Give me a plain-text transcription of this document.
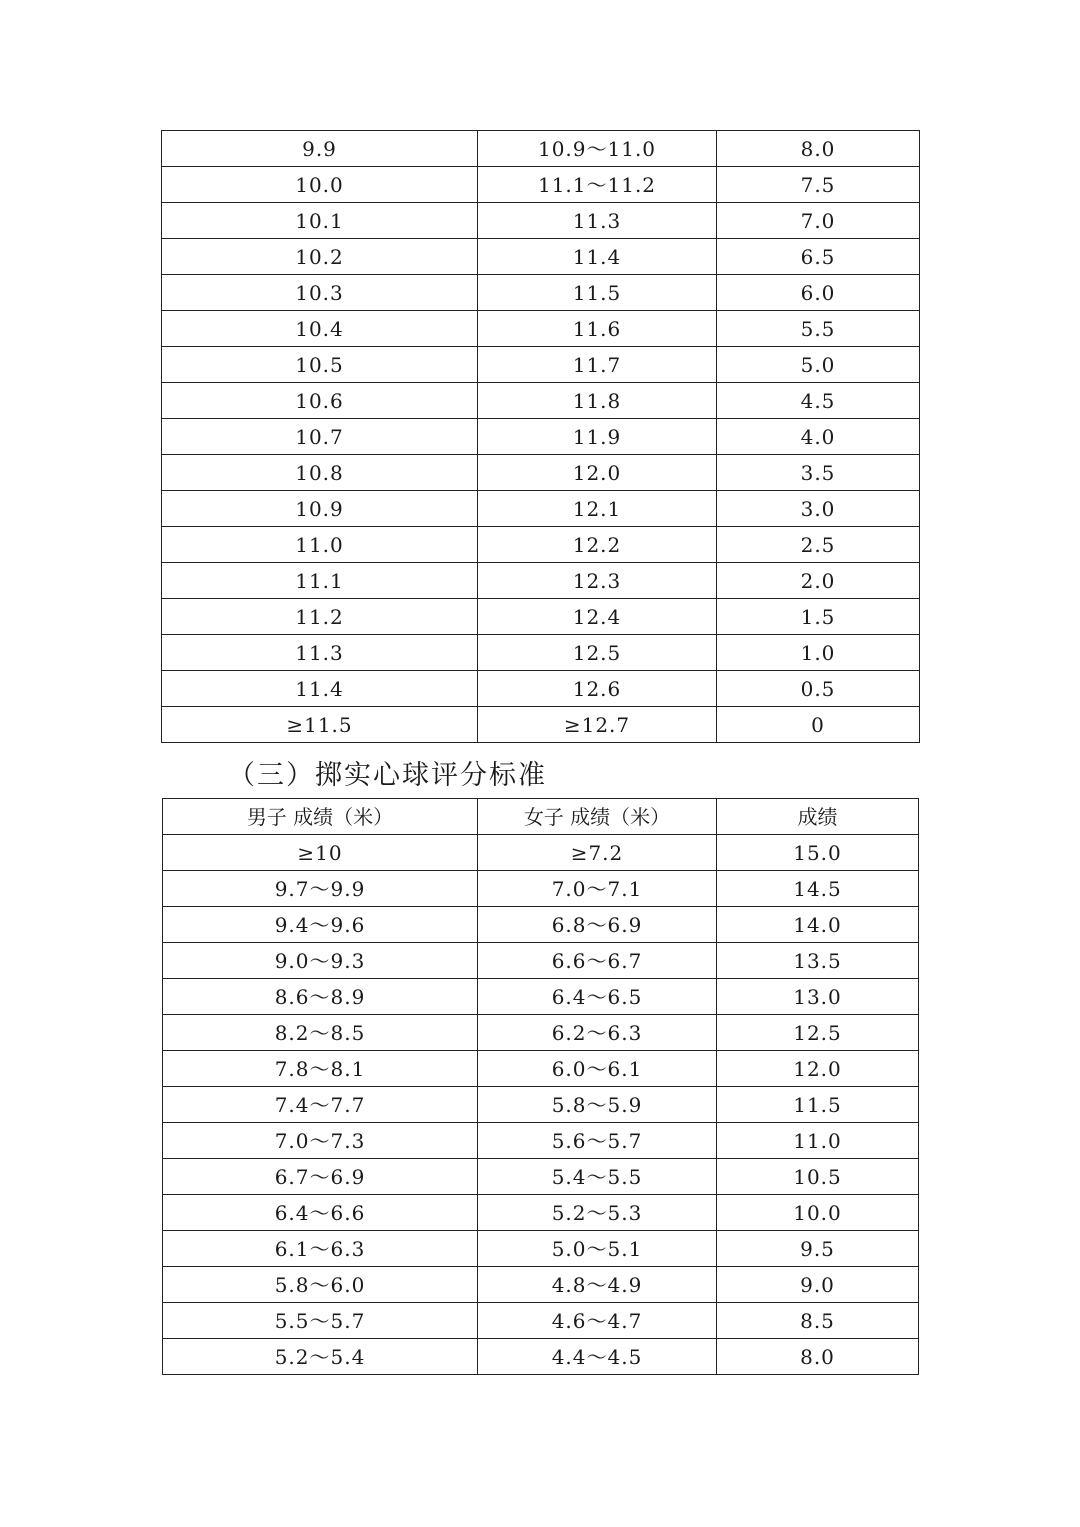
9.9	10.9～11.0	8.0
10.0	11.1～11.2	7.5
10.1	11.3	7.0
10.2	11.4	6.5
10.3	11.5	6.0
10.4	11.6	5.5
10.5	11.7	5.0
10.6	11.8	4.5
10.7	11.9	4.0
10.8	12.0	3.5
10.9	12.1	3.0
11.0	12.2	2.5
11.1	12.3	2.0
11.2	12.4	1.5
11.3	12.5	1.0
11.4	12.6	0.5
≥11.5	≥12.7	0
（三）掷实心球评分标准
男子 成绩（米）	女子 成绩（米）	成绩
≥10	≥7.2	15.0
9.7～9.9	7.0～7.1	14.5
9.4～9.6	6.8～6.9	14.0
9.0～9.3	6.6～6.7	13.5
8.6～8.9	6.4～6.5	13.0
8.2～8.5	6.2～6.3	12.5
7.8～8.1	6.0～6.1	12.0
7.4～7.7	5.8～5.9	11.5
7.0～7.3	5.6～5.7	11.0
6.7～6.9	5.4～5.5	10.5
6.4～6.6	5.2～5.3	10.0
6.1～6.3	5.0～5.1	9.5
5.8～6.0	4.8～4.9	9.0
5.5～5.7	4.6～4.7	8.5
5.2～5.4	4.4～4.5	8.0
